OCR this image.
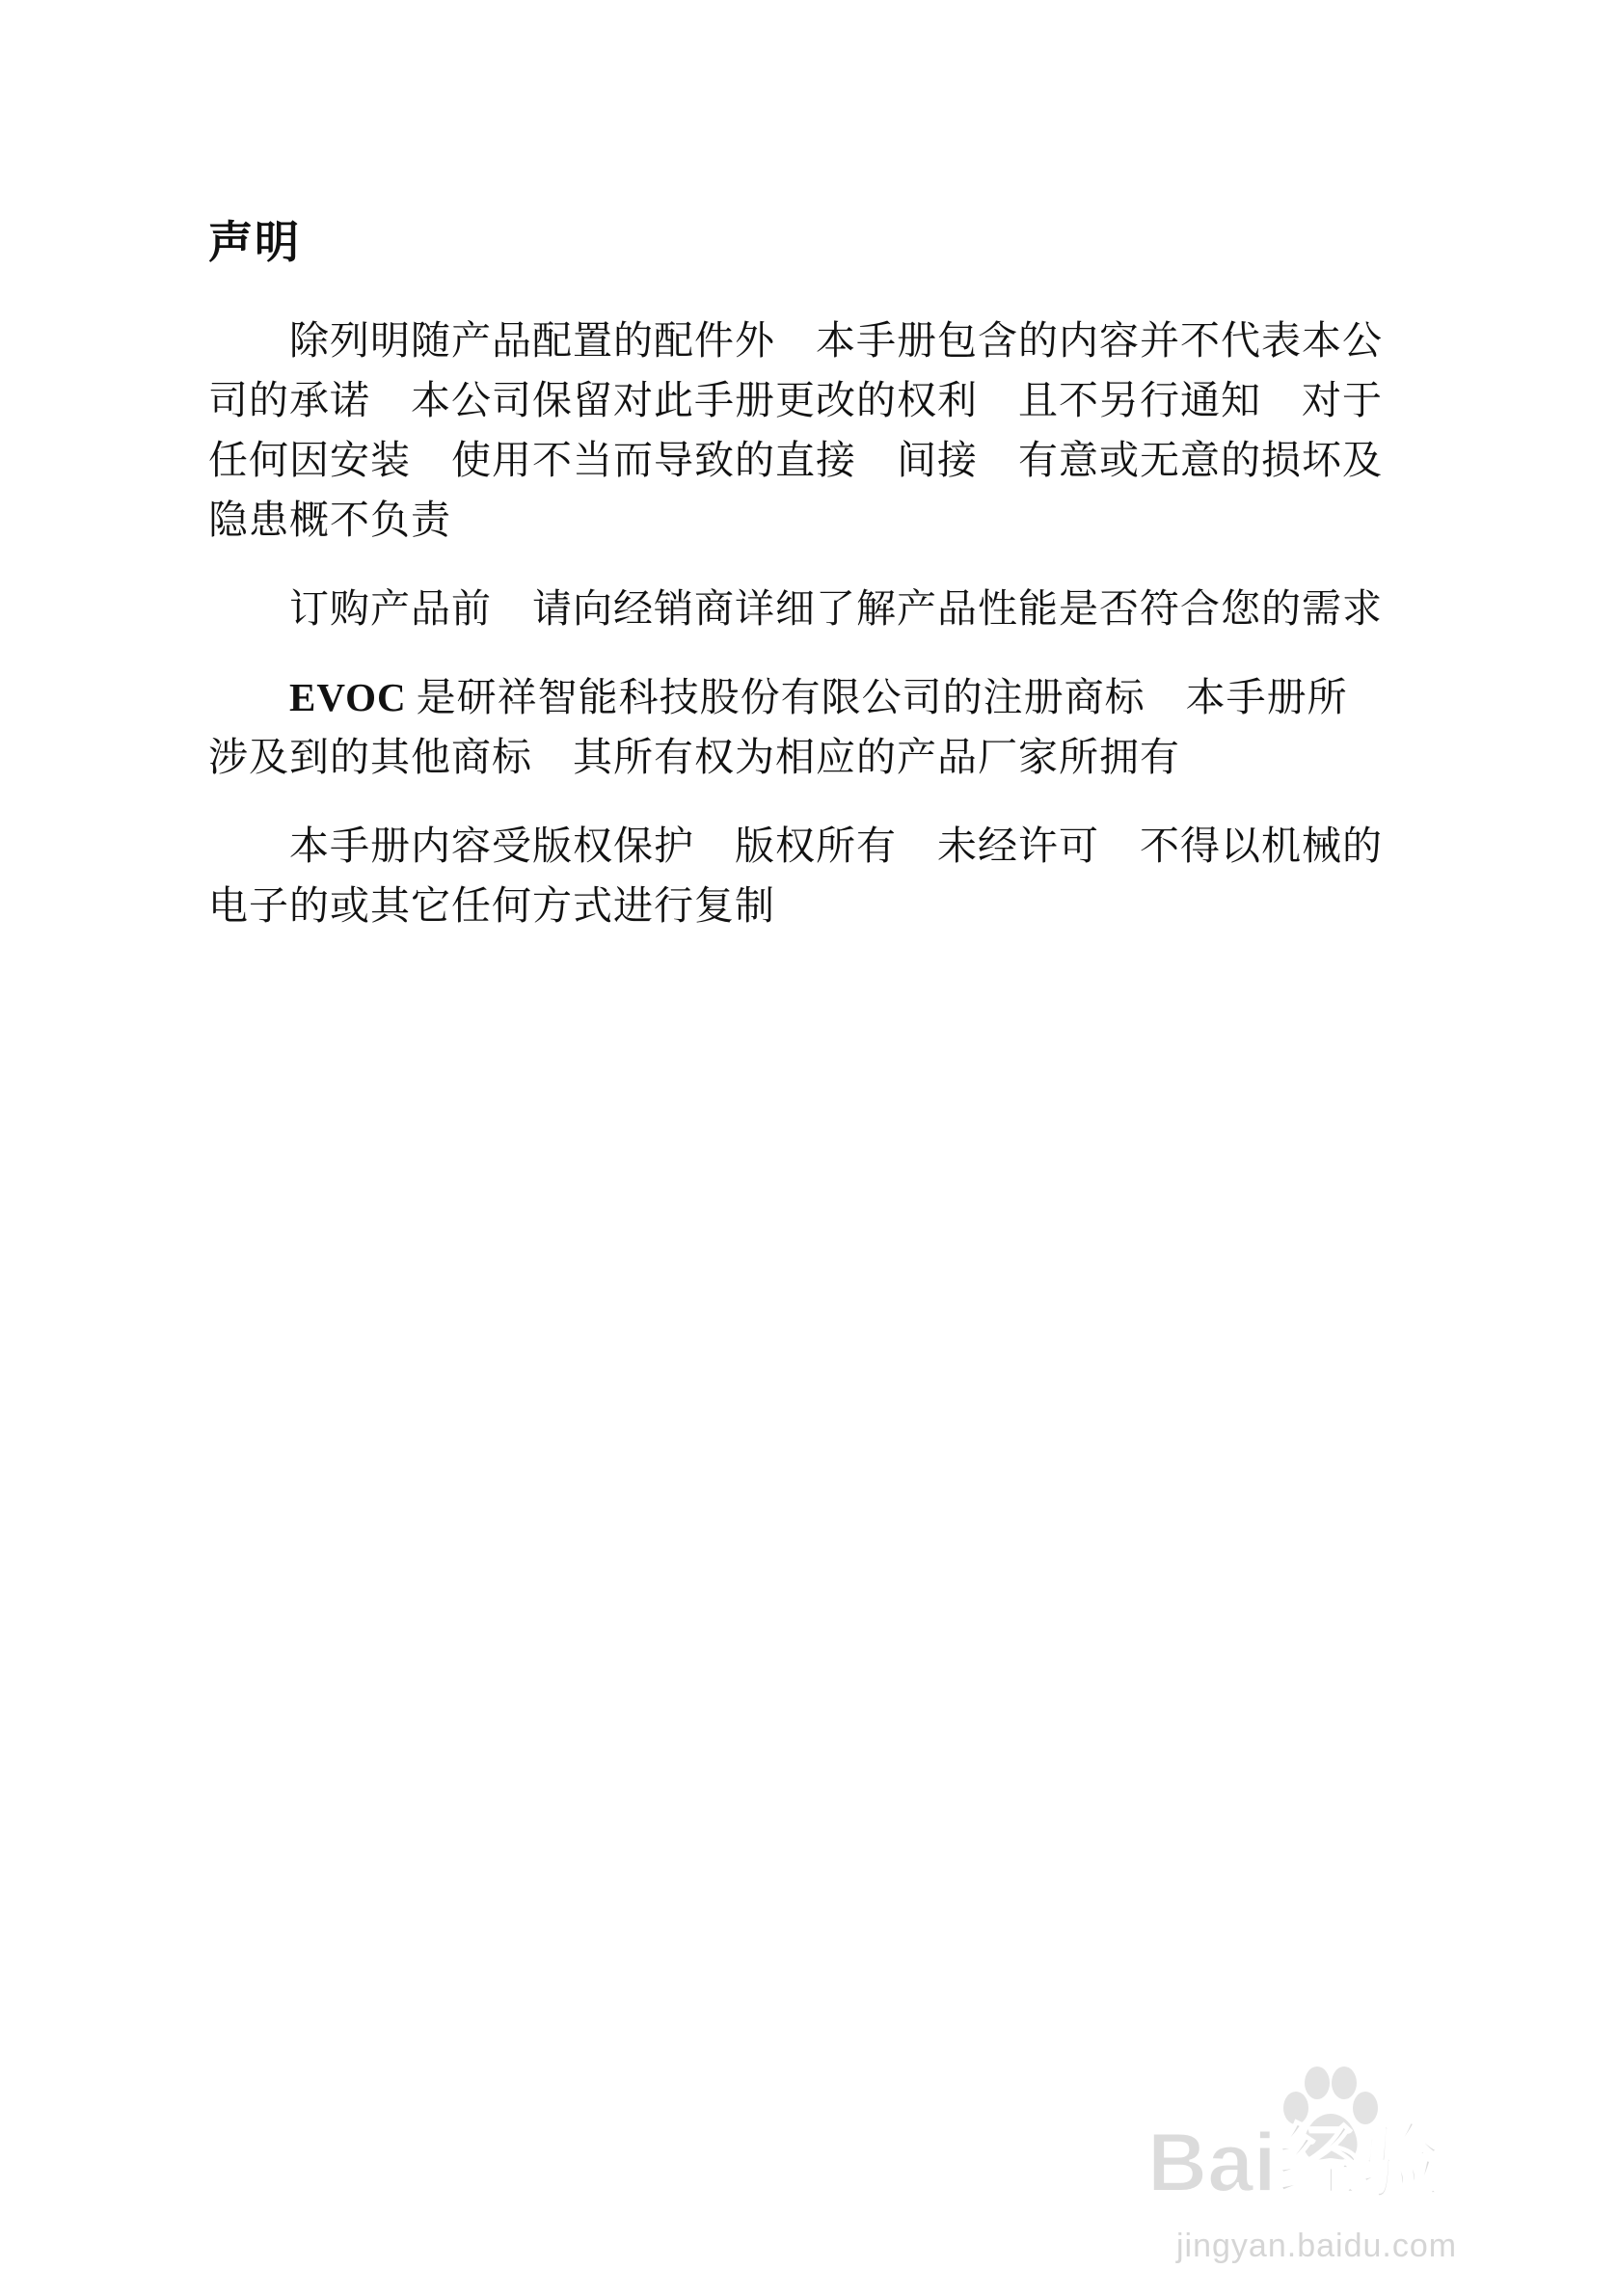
声明

除列明随产品配置的配件外　本手册包含的内容并不代表本公司的承诺　本公司保留对此手册更改的权利　且不另行通知　对于任何因安装　使用不当而导致的直接　间接　有意或无意的损坏及隐患概不负责

订购产品前　请向经销商详细了解产品性能是否符合您的需求

EVOC 是研祥智能科技股份有限公司的注册商标　本手册所涉及到的其他商标　其所有权为相应的产品厂家所拥有

本手册内容受版权保护　版权所有　未经许可　不得以机械的电子的或其它任何方式进行复制

Bai经验
jingyan.baidu.com
